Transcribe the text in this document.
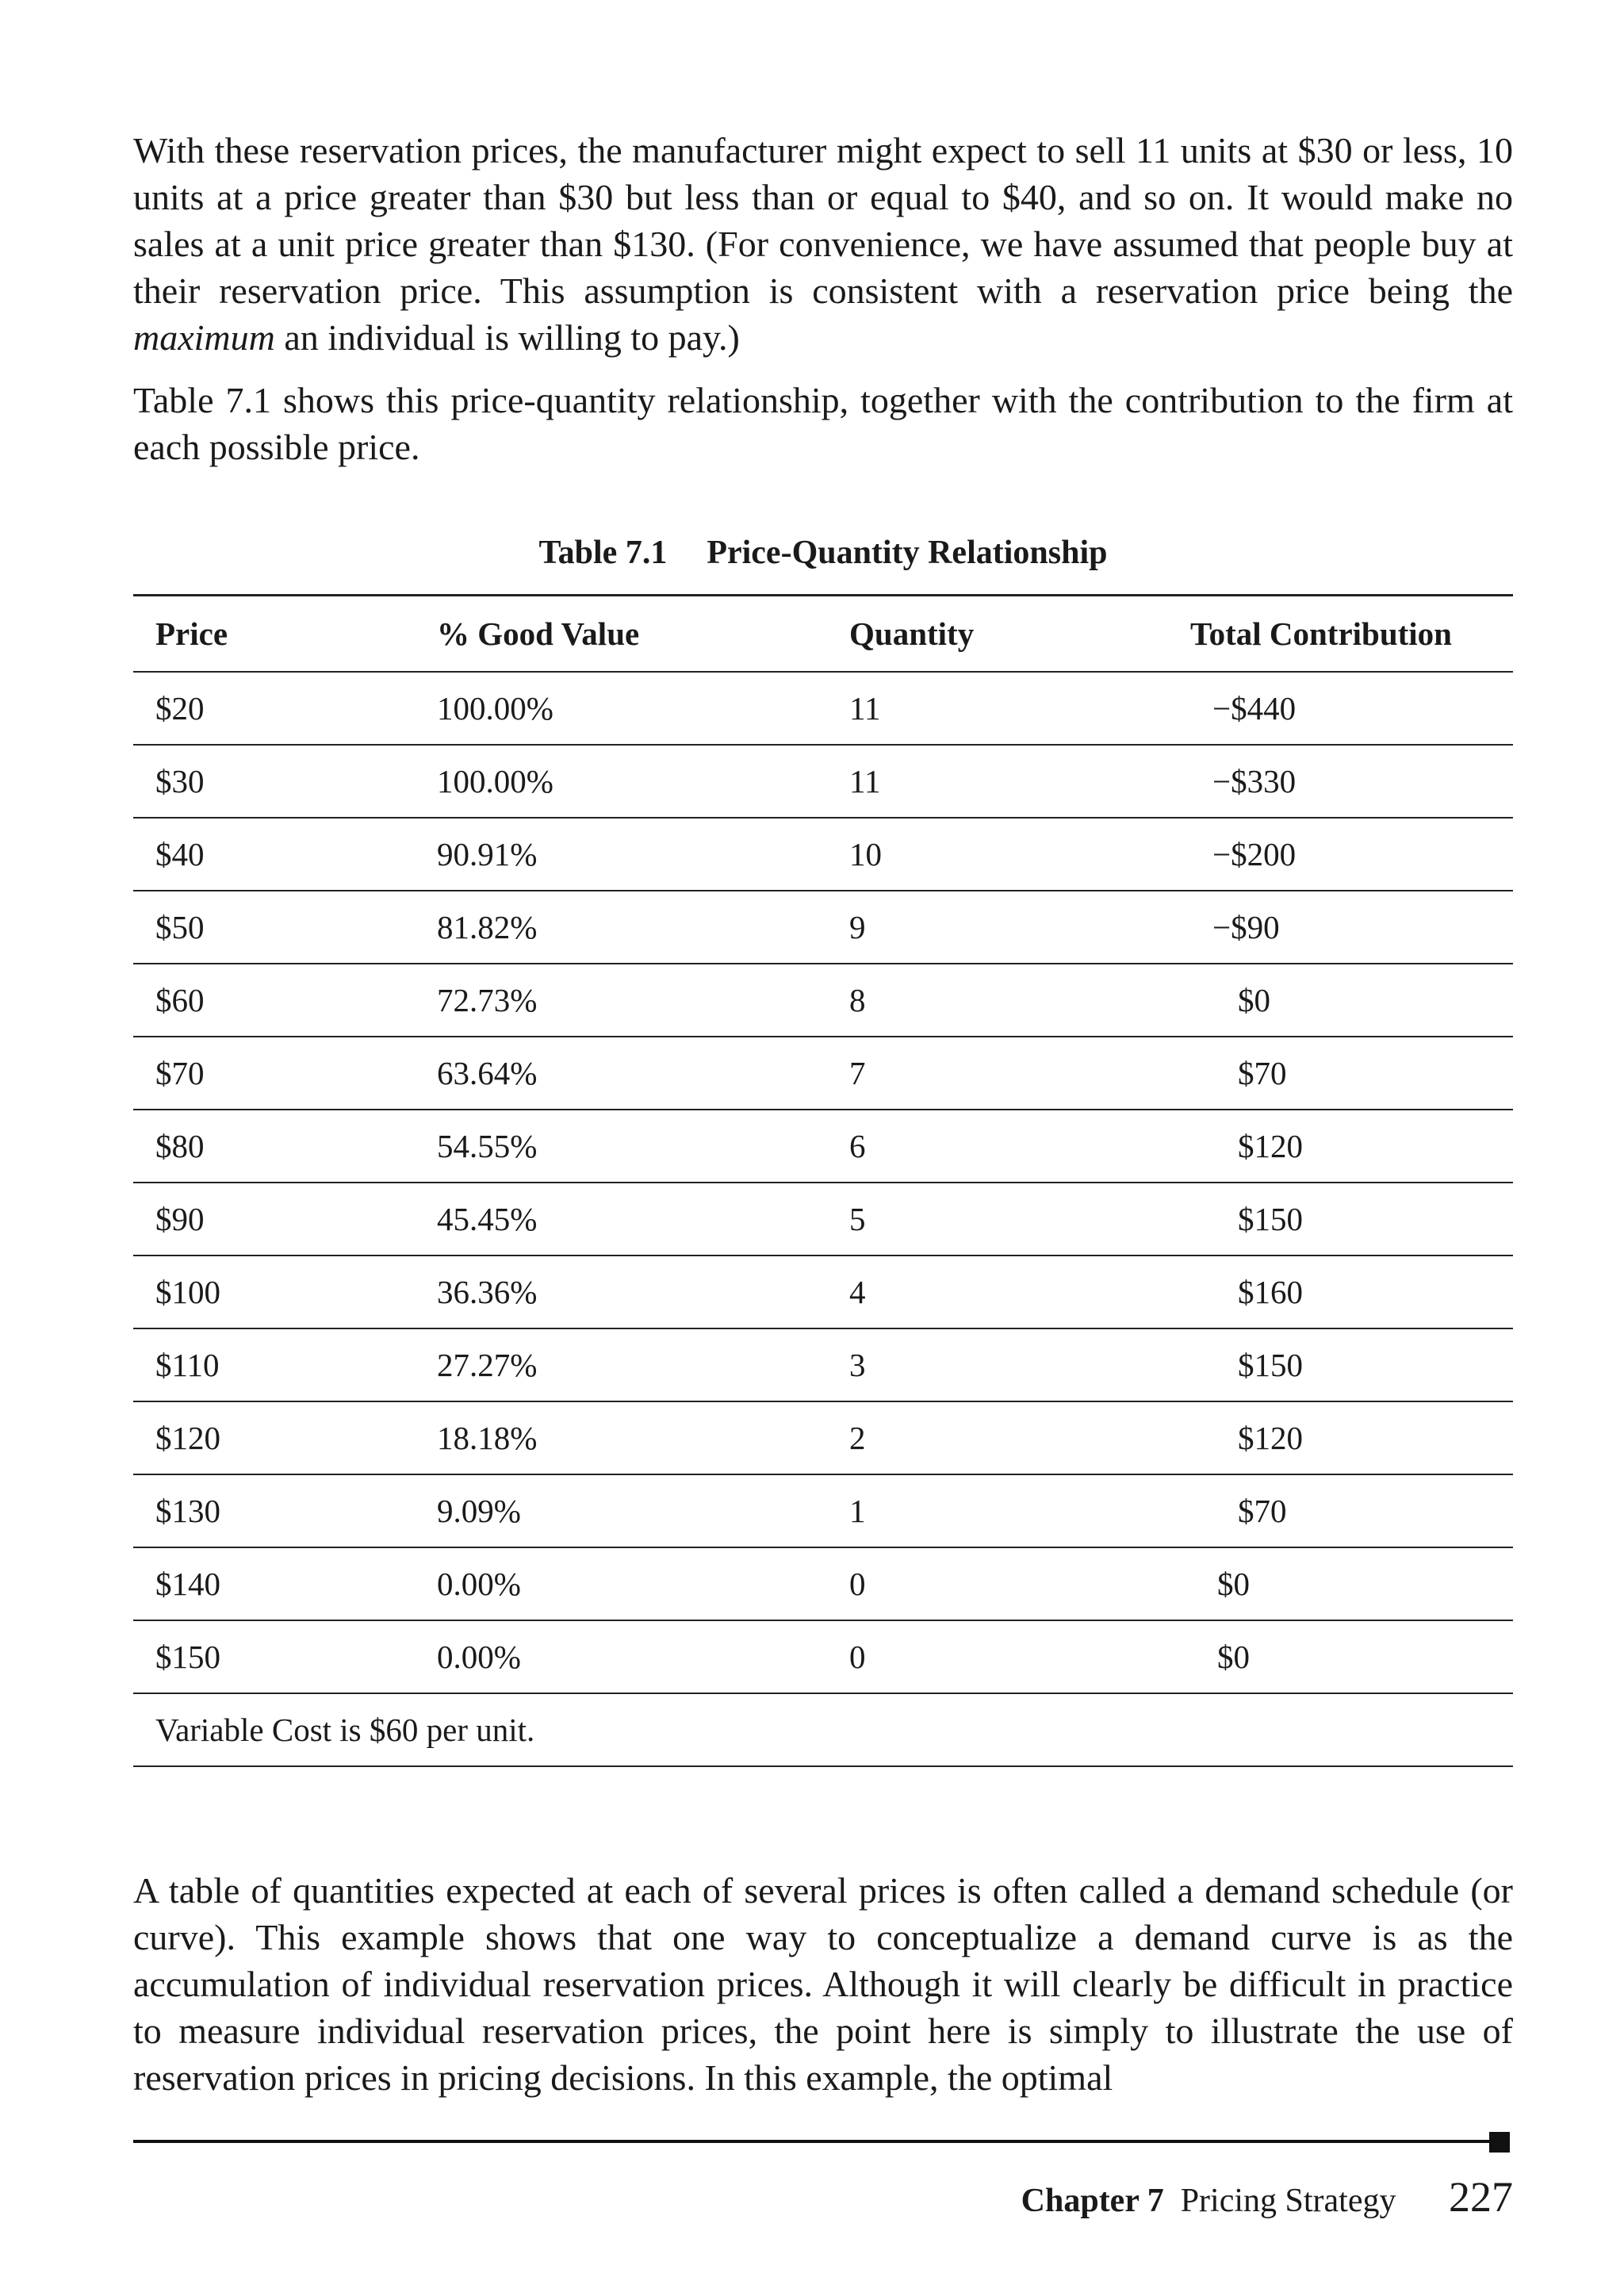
With these reservation prices, the manufacturer might expect to sell 11 units at $30 or less, 10 units at a price greater than $30 but less than or equal to $40, and so on. It would make no sales at a unit price greater than $130. (For convenience, we have assumed that people buy at their reservation price. This assumption is consistent with a reservation price being the maximum an individual is willing to pay.)

Table 7.1 shows this price-quantity relationship, together with the contribution to the firm at each possible price.

Table 7.1 Price-Quantity Relationship
Price	% Good Value	Quantity	Total Contribution
$20	100.00%	11	−$440
$30	100.00%	11	−$330
$40	90.91%	10	−$200
$50	81.82%	9	−$90
$60	72.73%	8	$0
$70	63.64%	7	$70
$80	54.55%	6	$120
$90	45.45%	5	$150
$100	36.36%	4	$160
$110	27.27%	3	$150
$120	18.18%	2	$120
$130	9.09%	1	$70
$140	0.00%	0	$0
$150	0.00%	0	$0
Variable Cost is $60 per unit.			

A table of quantities expected at each of several prices is often called a demand schedule (or curve). This example shows that one way to conceptualize a demand curve is as the accumulation of individual reservation prices. Although it will clearly be difficult in practice to measure individual reservation prices, the point here is simply to illustrate the use of reservation prices in pricing decisions. In this example, the optimal

Chapter 7 Pricing Strategy 227
